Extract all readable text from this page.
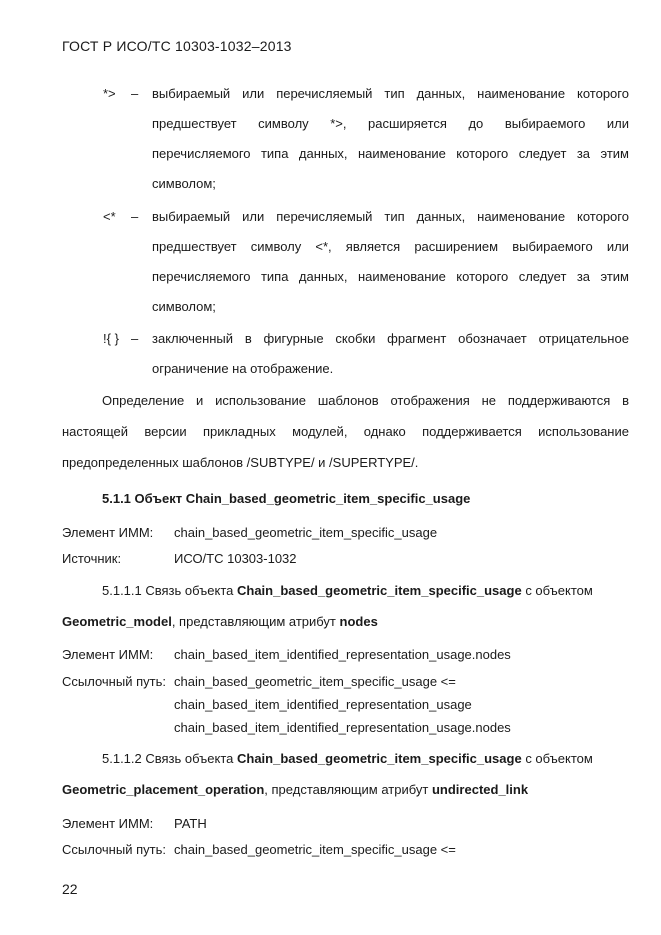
ГОСТ Р ИСО/ТС 10303-1032–2013
*> – выбираемый или перечисляемый тип данных, наименование которого
предшествует символу *>, расширяется до выбираемого или
перечисляемого типа данных, наименование которого следует за этим
символом;
<* – выбираемый или перечисляемый тип данных, наименование которого
предшествует символу <*, является расширением выбираемого или
перечисляемого типа данных, наименование которого следует за этим
символом;
!{ } – заключенный в фигурные скобки фрагмент обозначает отрицательное
ограничение на отображение.
Определение и использование шаблонов отображения не поддерживаются в
настоящей версии прикладных модулей, однако поддерживается использование
предопределенных шаблонов /SUBTYPE/ и /SUPERTYPE/.
5.1.1 Объект Chain_based_geometric_item_specific_usage
Элемент ИММ: chain_based_geometric_item_specific_usage
Источник:	ИСО/ТС 10303-1032
5.1.1.1 Связь объекта Chain_based_geometric_item_specific_usage с объектом
Geometric_model, представляющим атрибут nodes
Элемент ИММ: chain_based_item_identified_representation_usage.nodes
Ссылочный путь: chain_based_geometric_item_specific_usage <=
chain_based_item_identified_representation_usage
chain_based_item_identified_representation_usage.nodes
5.1.1.2 Связь объекта Chain_based_geometric_item_specific_usage с объектом
Geometric_placement_operation, представляющим атрибут undirected_link
Элемент ИММ: PATH
Ссылочный путь: chain_based_geometric_item_specific_usage <=
22
